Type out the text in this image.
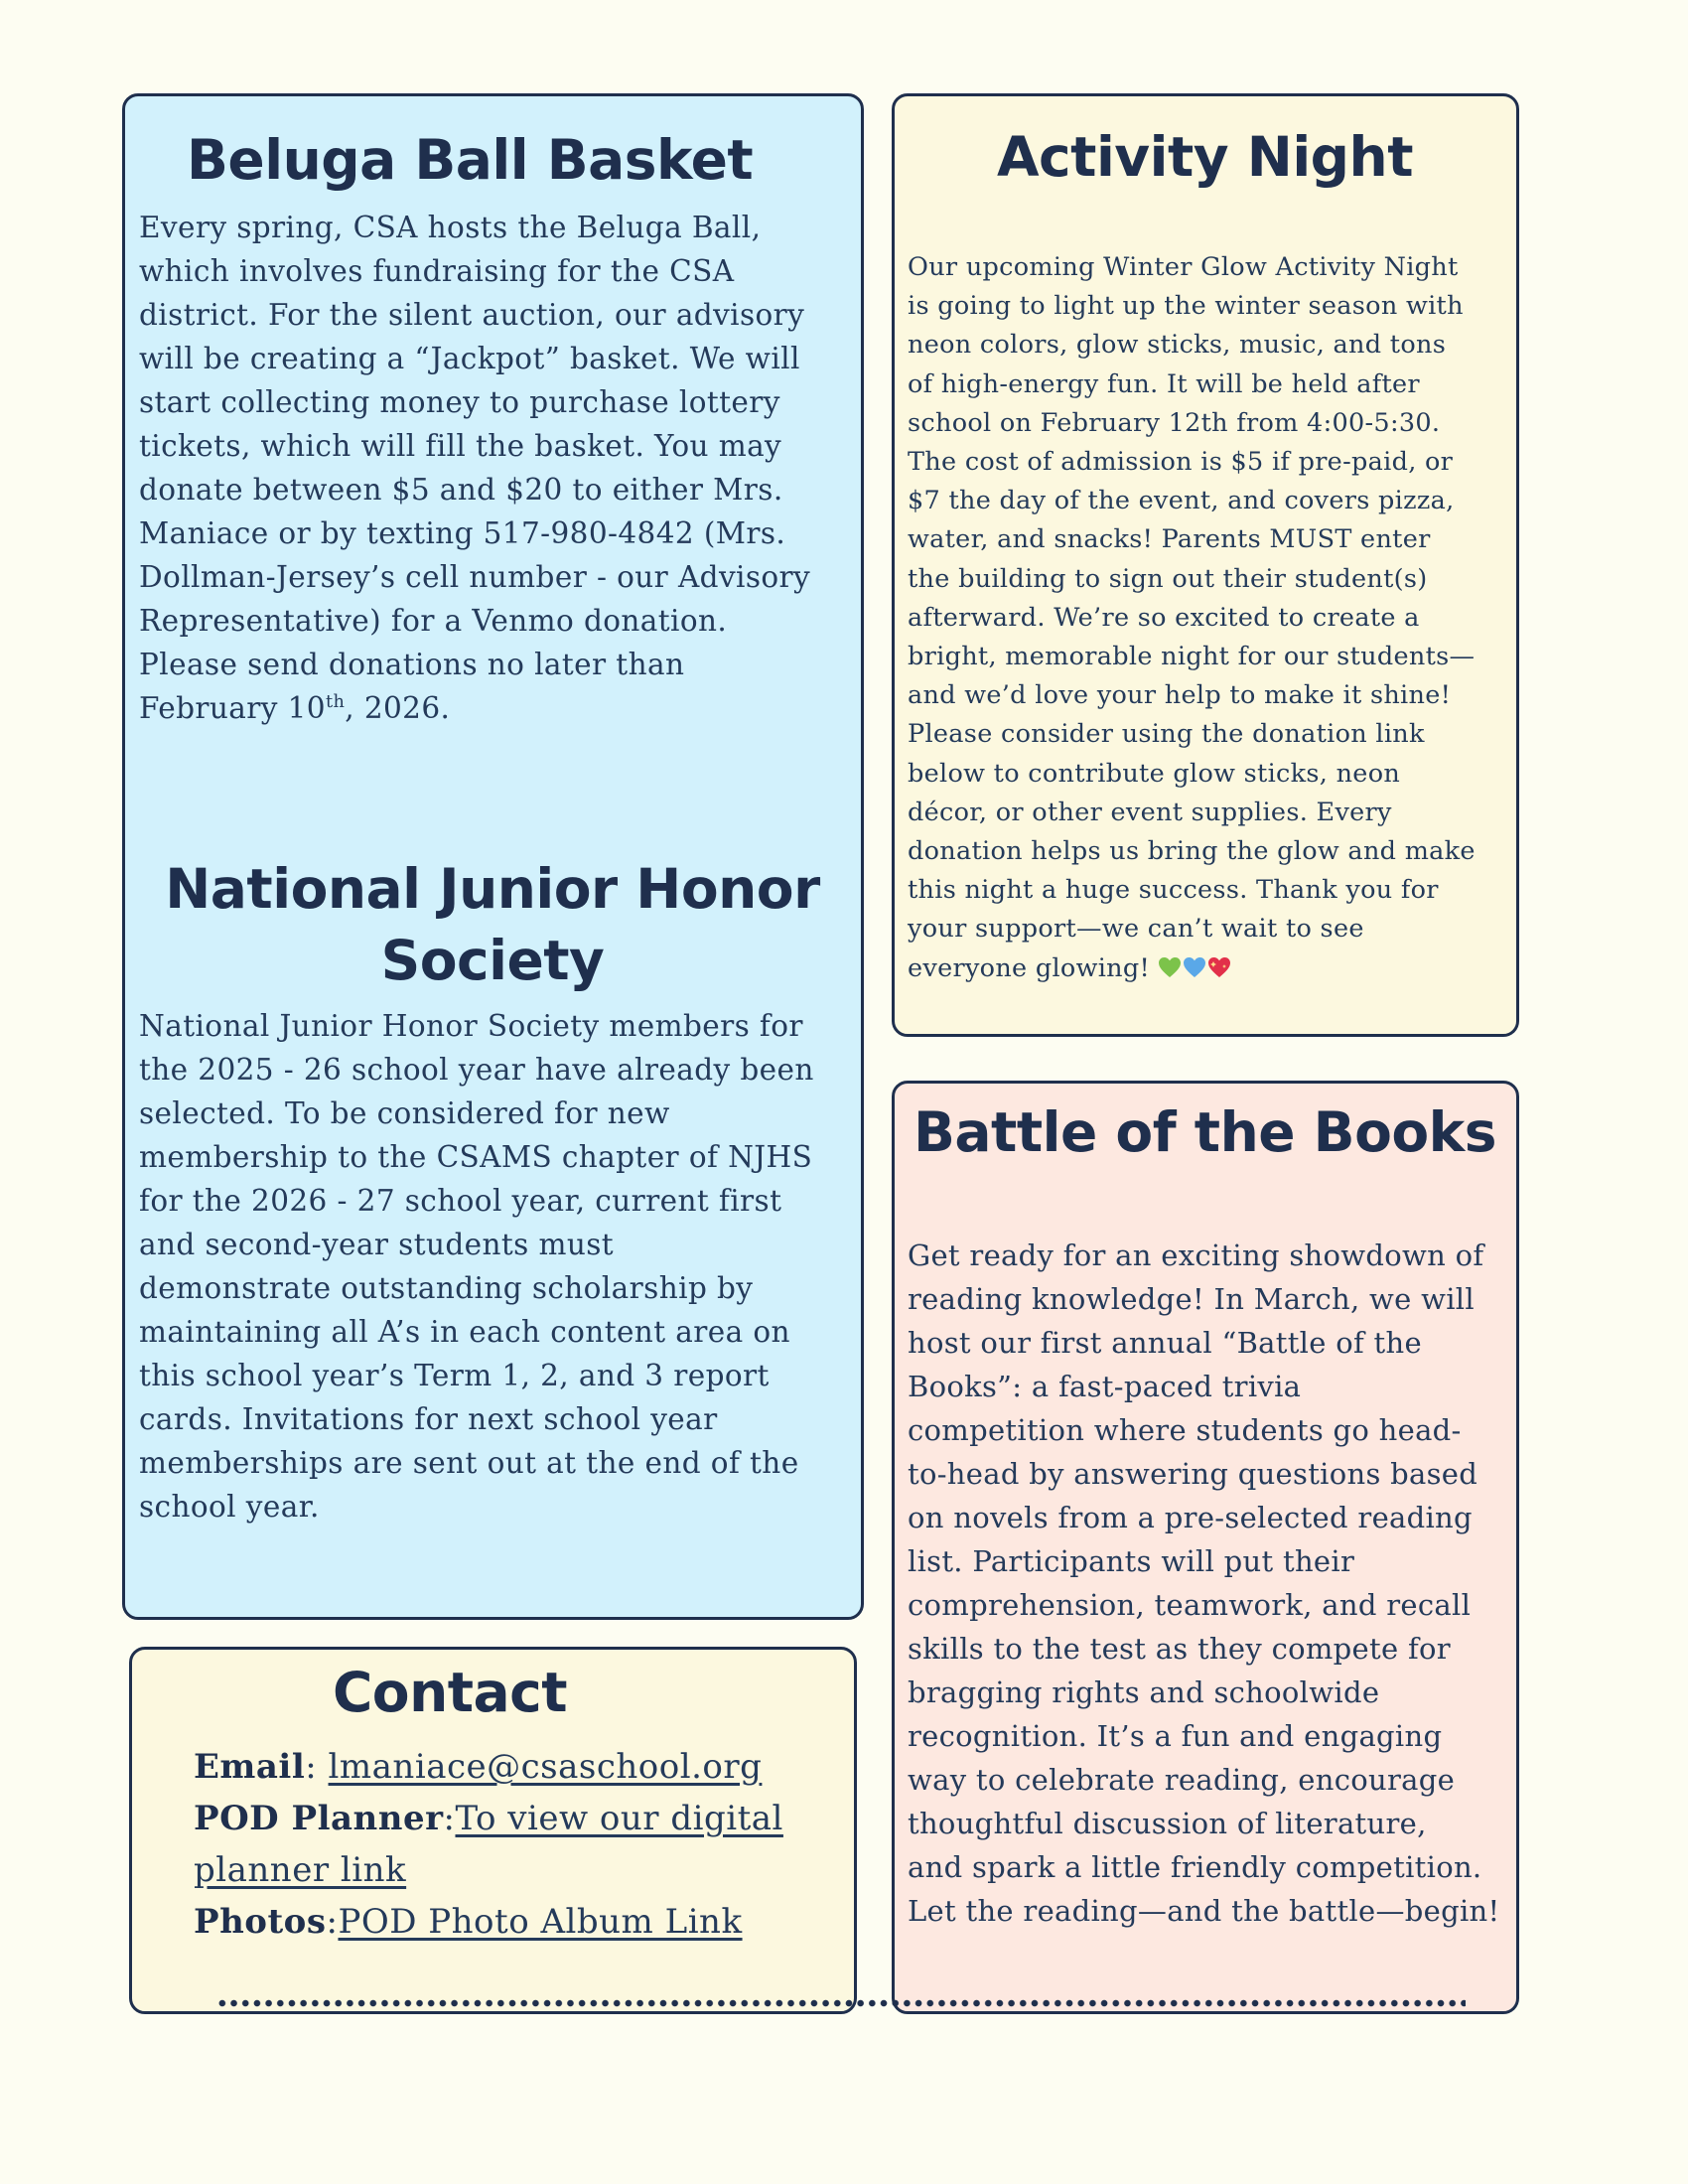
Beluga Ball Basket
Every spring, CSA hosts the Beluga Ball,
which involves fundraising for the CSA
district. For the silent auction, our advisory
will be creating a “Jackpot” basket. We will
start collecting money to purchase lottery
tickets, which will fill the basket. You may
donate between $5 and $20 to either Mrs.
Maniace or by texting 517-980-4842 (Mrs.
Dollman-Jersey’s cell number - our Advisory
Representative) for a Venmo donation.
Please send donations no later than
February 10th, 2026.
National Junior Honor
Society
National Junior Honor Society members for
the 2025 - 26 school year have already been
selected. To be considered for new
membership to the CSAMS chapter of NJHS
for the 2026 - 27 school year, current first
and second-year students must
demonstrate outstanding scholarship by
maintaining all A’s in each content area on
this school year’s Term 1, 2, and 3 report
cards. Invitations for next school year
memberships are sent out at the end of the
school year.
Activity Night
Our upcoming Winter Glow Activity Night
is going to light up the winter season with
neon colors, glow sticks, music, and tons
of high-energy fun. It will be held after
school on February 12th from 4:00-5:30.
The cost of admission is $5 if pre-paid, or
$7 the day of the event, and covers pizza,
water, and snacks! Parents MUST enter
the building to sign out their student(s)
afterward. We’re so excited to create a
bright, memorable night for our students—
and we’d love your help to make it shine!
Please consider using the donation link
below to contribute glow sticks, neon
décor, or other event supplies. Every
donation helps us bring the glow and make
this night a huge success. Thank you for
your support—we can’t wait to see
everyone glowing!
Battle of the Books
Get ready for an exciting showdown of
reading knowledge! In March, we will
host our first annual “Battle of the
Books”: a fast-paced trivia
competition where students go head-
to-head by answering questions based
on novels from a pre-selected reading
list. Participants will put their
comprehension, teamwork, and recall
skills to the test as they compete for
bragging rights and schoolwide
recognition. It’s a fun and engaging
way to celebrate reading, encourage
thoughtful discussion of literature,
and spark a little friendly competition.
Let the reading—and the battle—begin!
Contact
Email: lmaniace@csaschool.org
POD Planner:To view our digital
planner link
Photos:POD Photo Album Link
